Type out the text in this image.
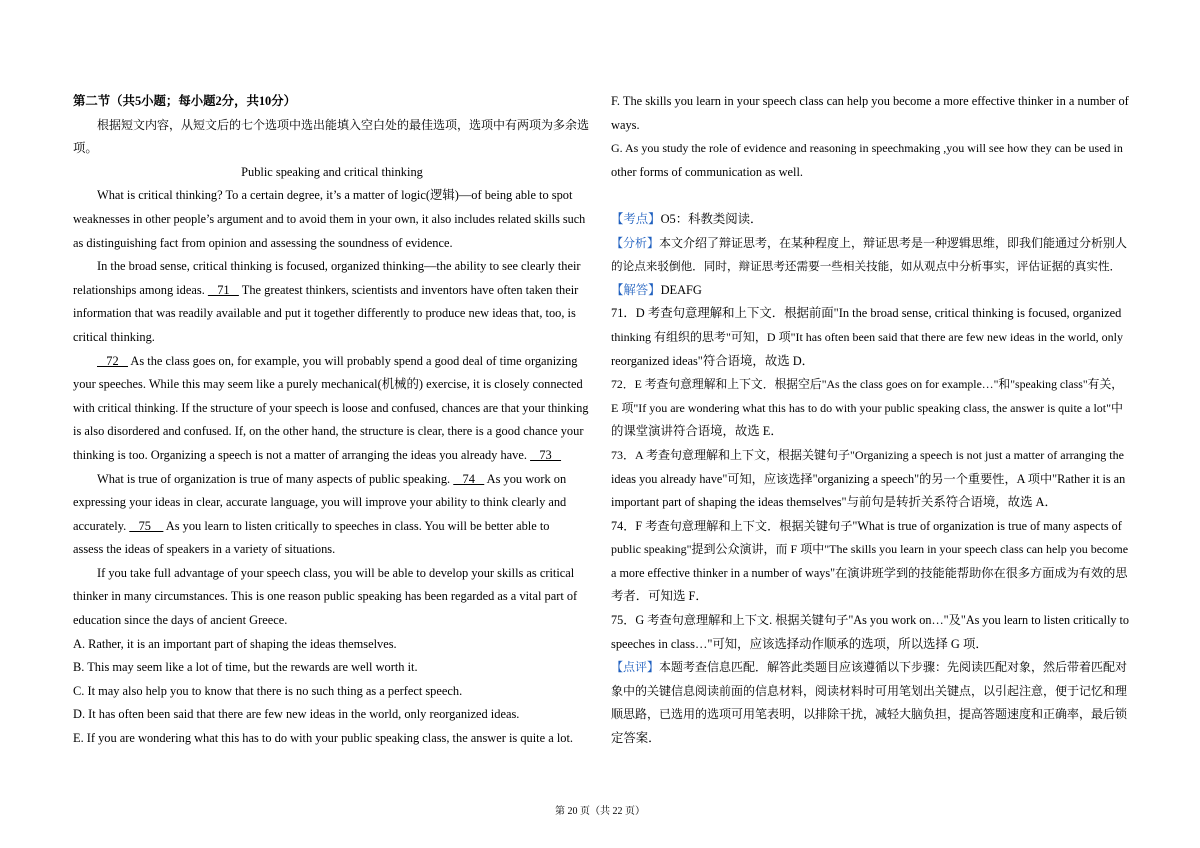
第二节（共5小题；每小题2分，共10分）

根据短文内容，从短文后的七个选项中选出能填入空白处的最佳选项，选项中有两项为多余选

项。

Public speaking and critical thinking

What is critical thinking? To a certain degree, it’s a matter of logic(逻辑)—of being able to spot

weaknesses in other people’s argument and to avoid them in your own, it also includes related skills such

as distinguishing fact from opinion and assessing the soundness of evidence.

In the broad sense, critical thinking is focused, organized thinking—the ability to see clearly their

relationships among ideas.    71    The greatest thinkers, scientists and inventors have often taken their

information that was readily available and put it together differently to produce new ideas that, too, is

critical thinking.

72    As the class goes on, for example, you will probably spend a good deal of time organizing

your speeches. While this may seem like a purely mechanical(机械的) exercise, it is closely connected

with critical thinking. If the structure of your speech is loose and confused, chances are that your thinking

is also disordered and confused. If, on the other hand, the structure is clear, there is a good chance your

thinking is too. Organizing a speech is not a matter of arranging the ideas you already have.    73

What is true of organization is true of many aspects of public speaking.    74    As you work on

expressing your ideas in clear, accurate language, you will improve your ability to think clearly and

accurately.    75     As you learn to listen critically to speeches in class. You will be better able to

assess the ideas of speakers in a variety of situations.

If you take full advantage of your speech class, you will be able to develop your skills as critical

thinker in many circumstances. This is one reason public speaking has been regarded as a vital part of

education since the days of ancient Greece.

A. Rather, it is an important part of shaping the ideas themselves.

B. This may seem like a lot of time, but the rewards are well worth it.

C. It may also help you to know that there is no such thing as a perfect speech.

D. It has often been said that there are few new ideas in the world, only reorganized ideas.

E. If you are wondering what this has to do with your public speaking class, the answer is quite a lot.

F. The skills you learn in your speech class can help you become a more effective thinker in a number of

ways.

G. As you study the role of evidence and reasoning in speechmaking ,you will see how they can be used in

other forms of communication as well.

【考点】O5：科教类阅读．

【分析】本文介绍了辩证思考，在某种程度上，辩证思考是一种逻辑思维，即我们能通过分析别人

的论点来驳倒他．同时，辩证思考还需要一些相关技能，如从观点中分析事实，评估证据的真实性．

【解答】DEAFG

71．D 考查句意理解和上下文．根据前面"In the broad sense, critical thinking is focused, organized

thinking 有组织的思考"可知，D 项"It has often been said that there are few new ideas in the world, only

reorganized ideas"符合语境，故选 D．

72．E 考查句意理解和上下文．根据空后"As the class goes on for example…"和"speaking class"有关，

E 项"If you are wondering what this has to do with your public speaking class, the answer is quite a lot"中

的课堂演讲符合语境，故选 E．

73．A 考查句意理解和上下文，根据关键句子"Organizing a speech is not just a matter of arranging the

ideas you already have"可知，应该选择"organizing a speech"的另一个重要性，A 项中"Rather it is an

important part of shaping the ideas themselves"与前句是转折关系符合语境，故选 A．

74．F 考查句意理解和上下文．根据关键句子"What is true of organization is true of many aspects of

public speaking"提到公众演讲，而 F 项中"The skills you learn in your speech class can help you become

a more effective thinker in a number of ways"在演讲班学到的技能能帮助你在很多方面成为有效的思

考者．可知选 F．

75．G 考查句意理解和上下文. 根据关键句子"As you work on…"及"As you learn to listen critically to

speeches in class…"可知，应该选择动作顺承的选项，所以选择 G 项．

【点评】本题考查信息匹配．解答此类题目应该遵循以下步骤：先阅读匹配对象，然后带着匹配对

象中的关键信息阅读前面的信息材料，阅读材料时可用笔划出关键点，以引起注意，便于记忆和理

顺思路，已选用的选项可用笔表明，以排除干扰，减轻大脑负担，提高答题速度和正确率，最后锁

定答案．

第 20 页（共 22 页）
